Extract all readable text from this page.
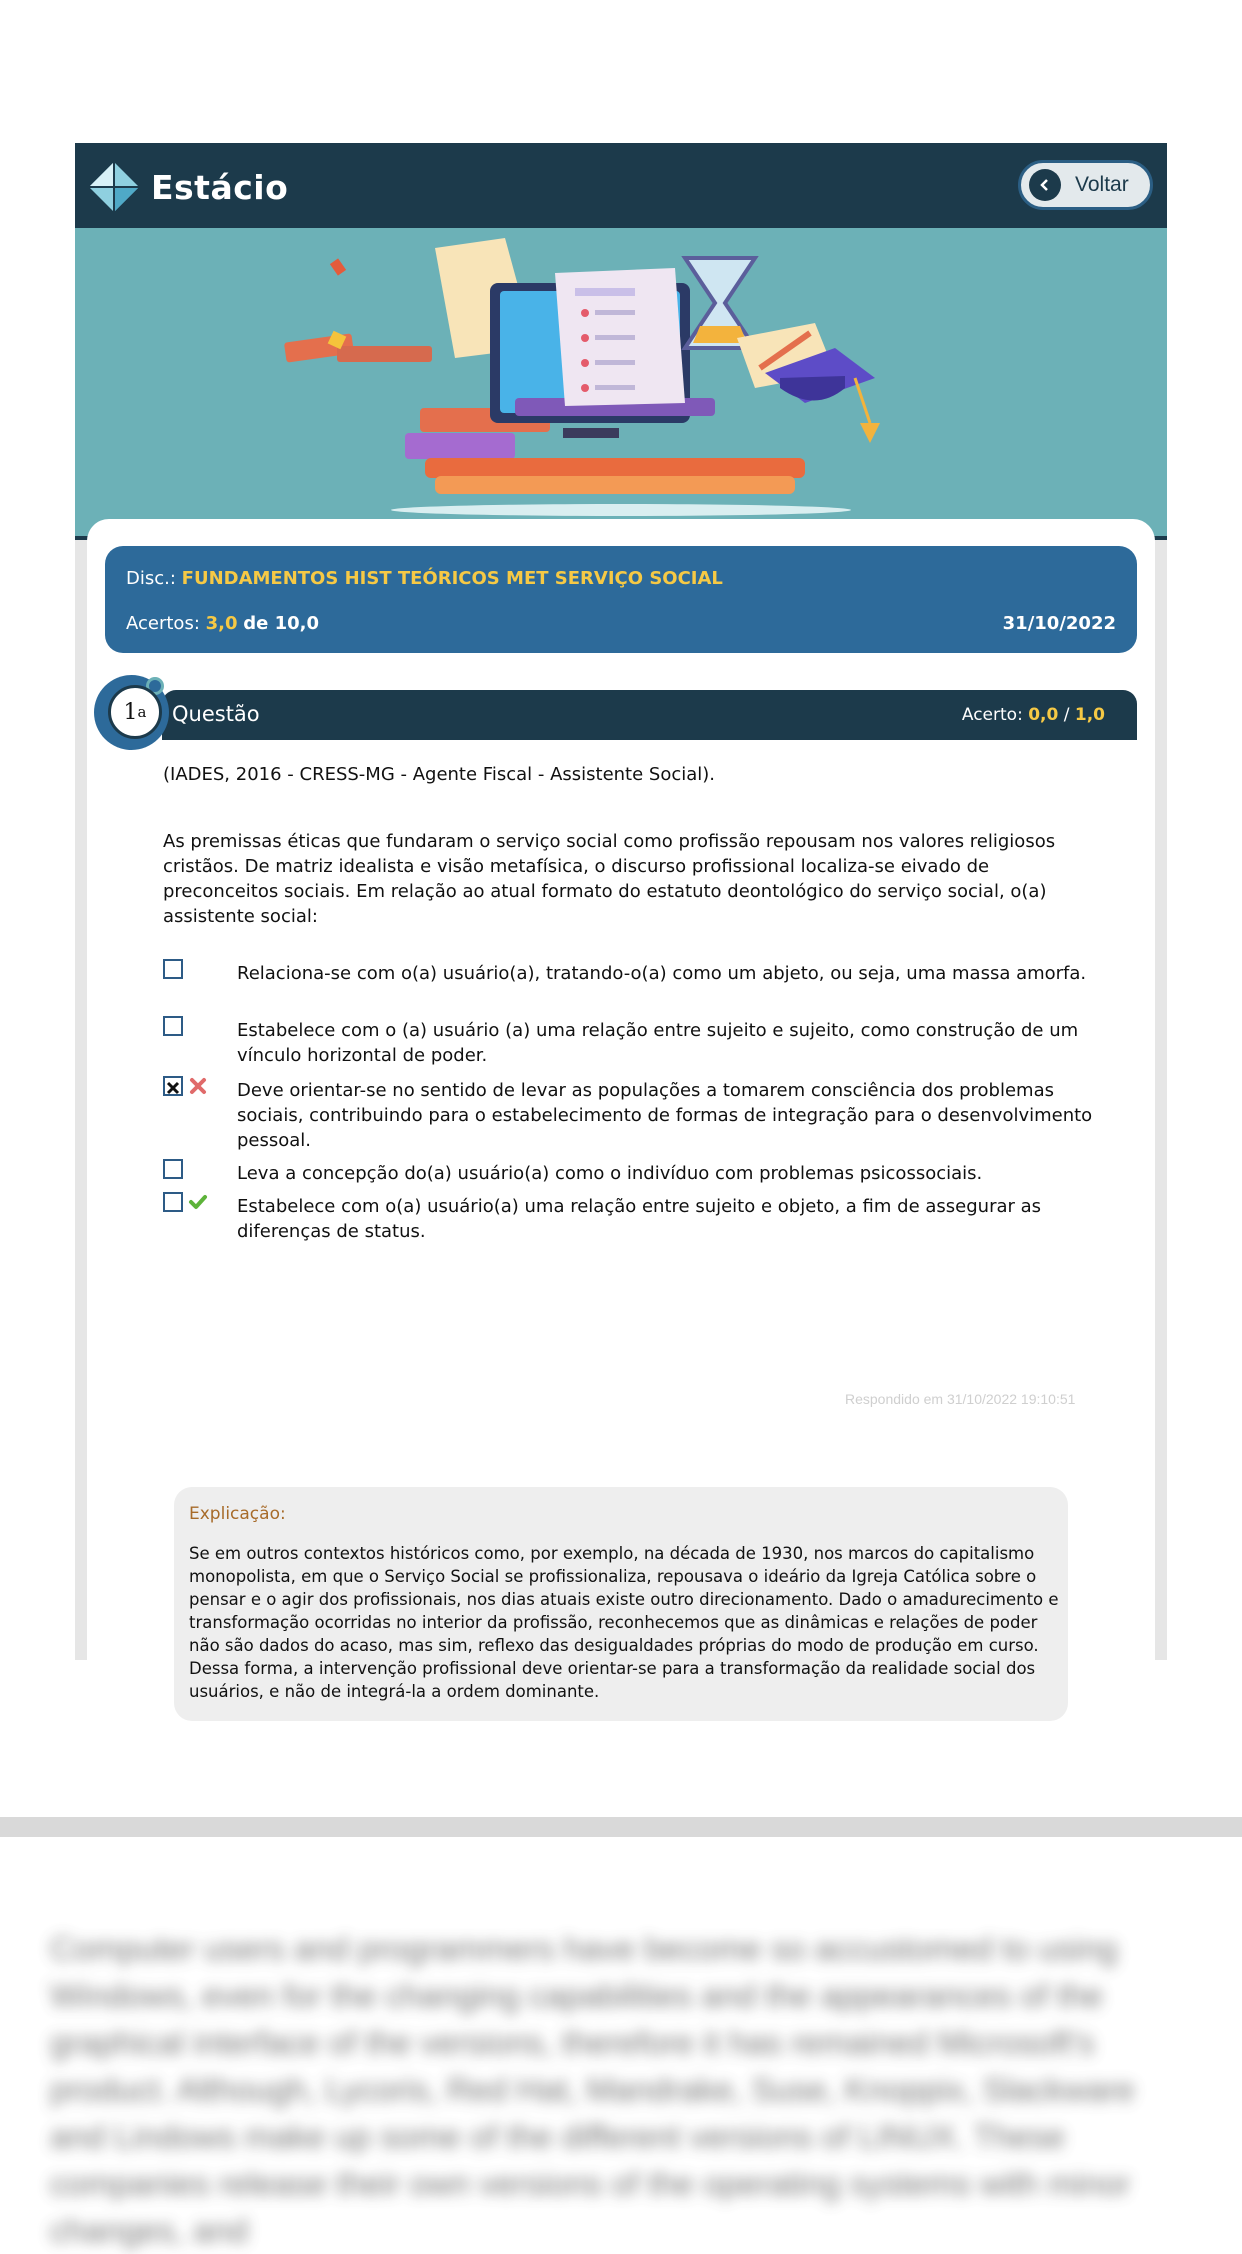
Estácio	Voltar
Disc.: FUNDAMENTOS HIST TEÓRICOS MET SERVIÇO SOCIAL
Acertos: 3,0 de 10,0	31/10/2022
Questão	Acerto: 0,0 / 1,0
1 a
(IADES, 2016 - CRESS-MG - Agente Fiscal - Assistente Social).
As premissas éticas que fundaram o serviço social como profissão repousam nos valores religiosos cristãos. De matriz idealista e visão metafísica, o discurso profissional localiza-se eivado de preconceitos sociais. Em relação ao atual formato do estatuto deontológico do serviço social, o(a) assistente social:
Relaciona-se com o(a) usuário(a), tratando-o(a) como um abjeto, ou seja, uma massa amorfa.
Estabelece com o (a) usuário (a) uma relação entre sujeito e sujeito, como construção de um vínculo horizontal de poder.
Deve orientar-se no sentido de levar as populações a tomarem consciência dos problemas sociais, contribuindo para o estabelecimento de formas de integração para o desenvolvimento pessoal.
Leva a concepção do(a) usuário(a) como o indivíduo com problemas psicossociais.
Estabelece com o(a) usuário(a) uma relação entre sujeito e objeto, a fim de assegurar as diferenças de status.
Respondido em 31/10/2022 19:10:51
Explicação:
Se em outros contextos históricos como, por exemplo, na década de 1930, nos marcos do capitalismo monopolista, em que o Serviço Social se profissionaliza, repousava o ideário da Igreja Católica sobre o pensar e o agir dos profissionais, nos dias atuais existe outro direcionamento. Dado o amadurecimento e transformação ocorridas no interior da profissão, reconhecemos que as dinâmicas e relações de poder não são dados do acaso, mas sim, reflexo das desigualdades próprias do modo de produção em curso. Dessa forma, a intervenção profissional deve orientar-se para a transformação da realidade social dos usuários, e não de integrá-la a ordem dominante.
Computer users and programmers have become so accustomed to using Windows, even for the changing capabilities and the appearances of the graphical interface of the versions, therefore it has remained Microsoft's product. Although, Lycoris, Red Hat, Mandrake, Suse, Knoppix, Slackware and Lindows make up some of the different versions of LINUX. These companies release their own versions of the operating systems with minor changes, and
